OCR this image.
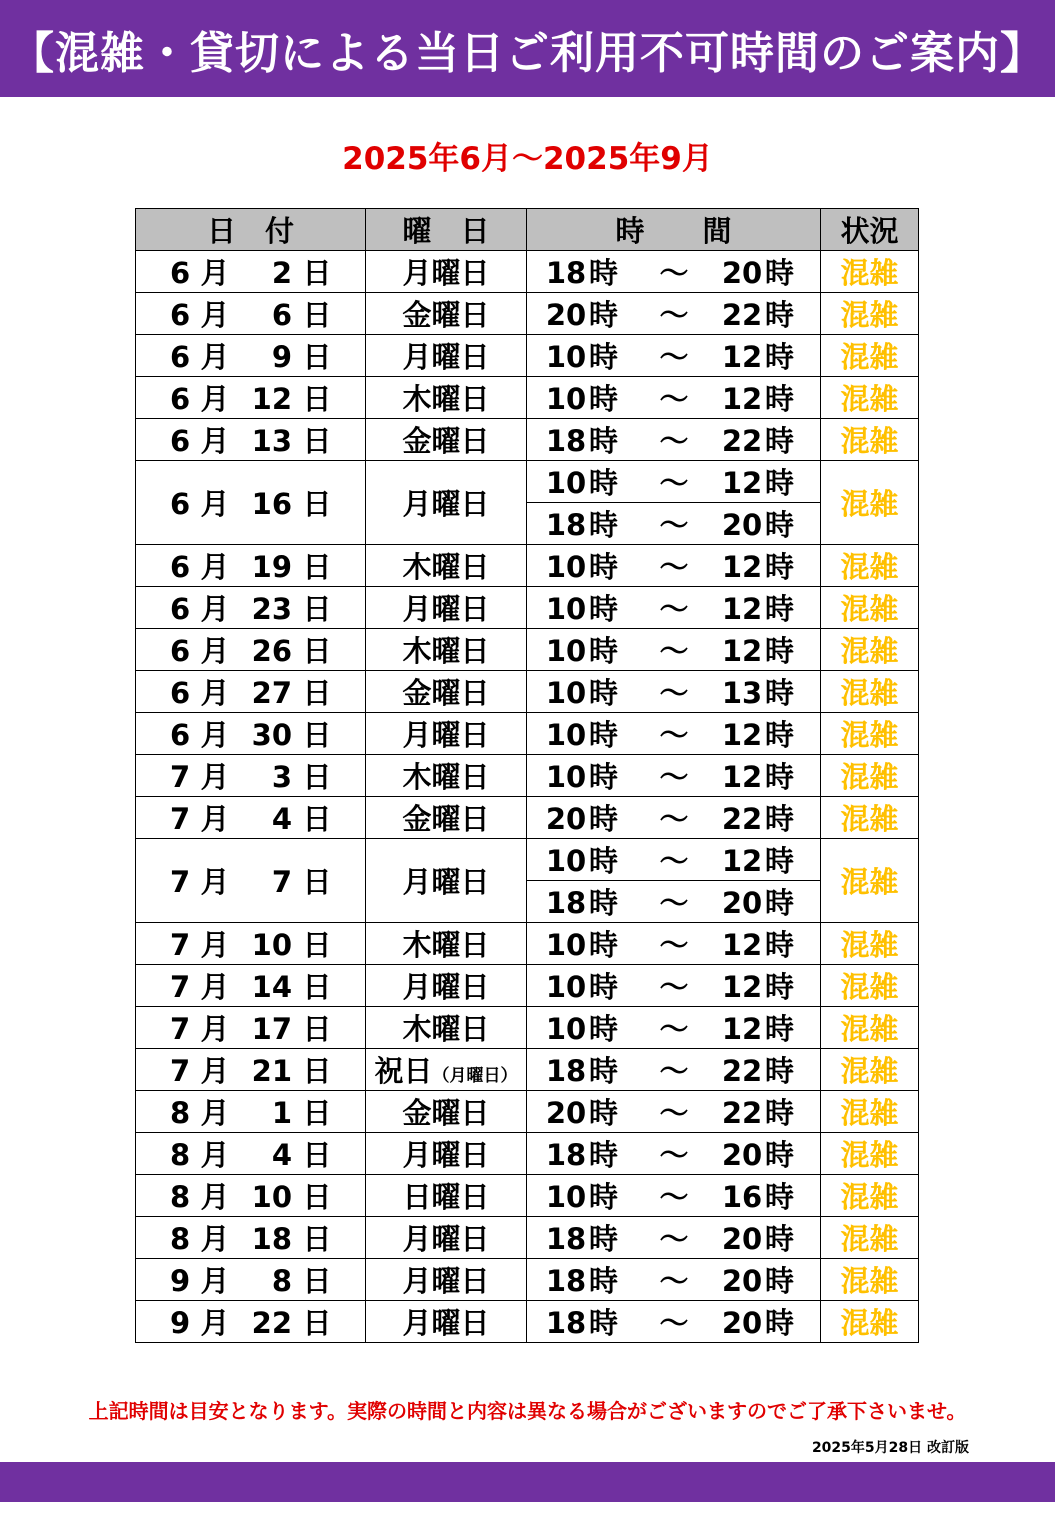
【混雑・貸切による当日ご利用不可時間のご案内】
2025年6月～2025年9月
日　付	曜　日	時　　間	状況
6 月 2 日	月曜日	18時 ～ 20時	混雑
6 月 6 日	金曜日	20時 ～ 22時	混雑
6 月 9 日	月曜日	10時 ～ 12時	混雑
6 月 12 日	木曜日	10時 ～ 12時	混雑
6 月 13 日	金曜日	18時 ～ 22時	混雑
6 月 16 日	月曜日	10時 ～ 12時	混雑
		18時 ～ 20時	
6 月 19 日	木曜日	10時 ～ 12時	混雑
6 月 23 日	月曜日	10時 ～ 12時	混雑
6 月 26 日	木曜日	10時 ～ 12時	混雑
6 月 27 日	金曜日	10時 ～ 13時	混雑
6 月 30 日	月曜日	10時 ～ 12時	混雑
7 月 3 日	木曜日	10時 ～ 12時	混雑
7 月 4 日	金曜日	20時 ～ 22時	混雑
7 月 7 日	月曜日	10時 ～ 12時	混雑
		18時 ～ 20時	
7 月 10 日	木曜日	10時 ～ 12時	混雑
7 月 14 日	月曜日	10時 ～ 12時	混雑
7 月 17 日	木曜日	10時 ～ 12時	混雑
7 月 21 日	祝日（月曜日）	18時 ～ 22時	混雑
8 月 1 日	金曜日	20時 ～ 22時	混雑
8 月 4 日	月曜日	18時 ～ 20時	混雑
8 月 10 日	日曜日	10時 ～ 16時	混雑
8 月 18 日	月曜日	18時 ～ 20時	混雑
9 月 8 日	月曜日	18時 ～ 20時	混雑
9 月 22 日	月曜日	18時 ～ 20時	混雑
上記時間は目安となります。実際の時間と内容は異なる場合がございますのでご了承下さいませ。
2025年5月28日 改訂版
